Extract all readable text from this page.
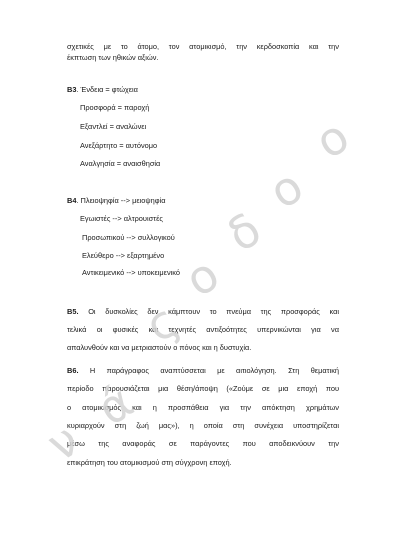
σχετικές με το άτομο, τον ατομικισμό, την κερδοσκοπία και την
έκπτωση των ηθικών αξιών.
Β3. Ένδεια = φτώχεια
Προσφορά = παροχή
Εξαντλεί = αναλώνει
Ανεξάρτητο = αυτόνομο
Αναλγησία = αναισθησία
Β4. Πλειοψηφία --> μειοψηφία
Εγωιστές --> αλτρουιστές
Προσωπικού --> συλλογικού
Ελεύθερο --> εξαρτημένο
Αντικειμενικό --> υποκειμενικό
Β5. Οι δυσκολίες δεν κάμπτουν το πνεύμα της προσφοράς και
τελικά οι φυσικές και τεχνητές αντιξοότητες υπερνικώνται για να
απαλυνθούν και να μετριαστούν ο πόνος και η δυστυχία.
Β6. Η παράγραφος αναπτύσσεται με αιτιολόγηση. Στη θεματική
περίοδο παρουσιάζεται μια θέση/άποψη («Ζούμε σε μια εποχή που
ο ατομικισμός και η προσπάθεια για την απόκτηση χρημάτων
κυριαρχούν στη ζωή μας»), η οποία στη συνέχεια υποστηρίζεται
μέσω της αναφοράς σε παράγοντες που αποδεικνύουν την
επικράτηση του ατομικισμού στη σύγχρονη εποχή.
ν
ά
ς
ο
δ
ο
ο
